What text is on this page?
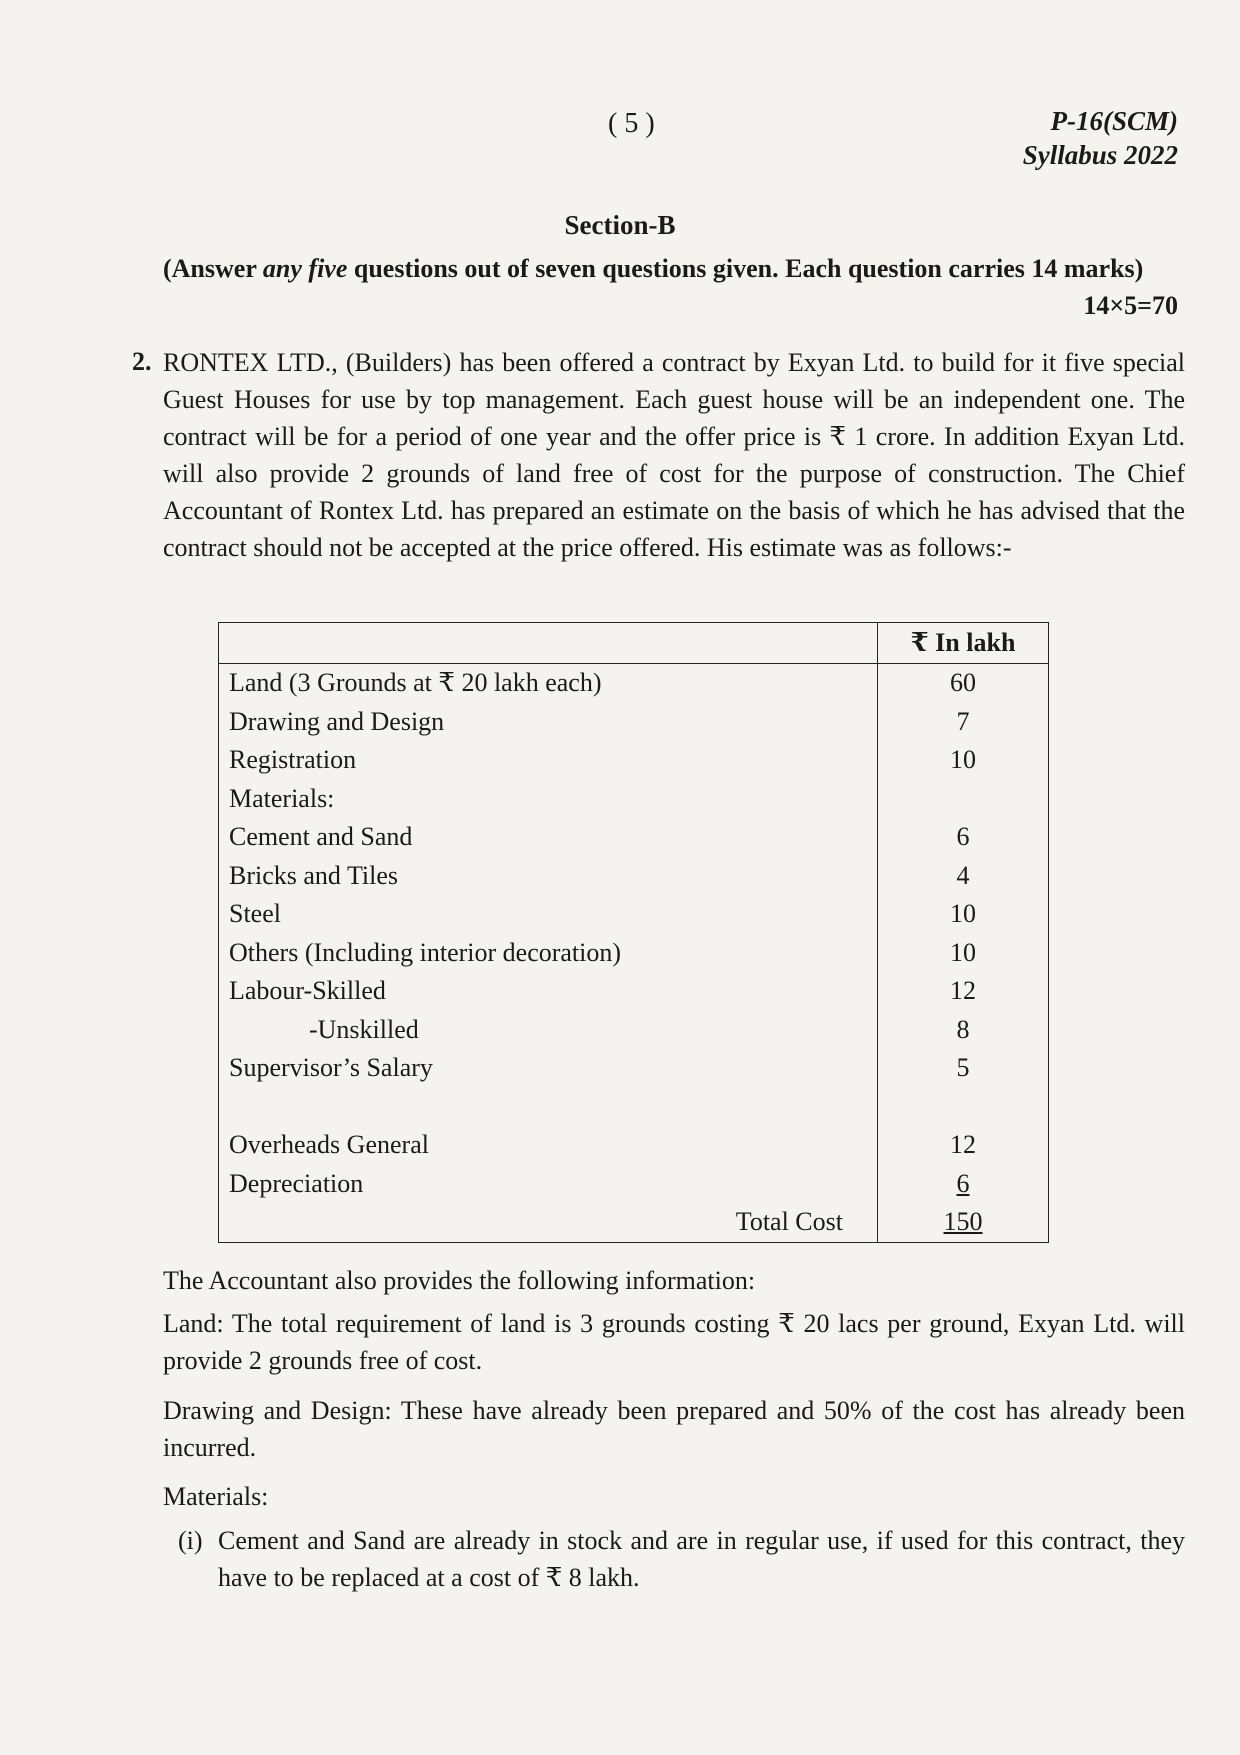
( 5 )	P-16(SCM)
Syllabus 2022
Section-B
(Answer any five questions out of seven questions given. Each question carries 14 marks)
14×5=70
2. RONTEX LTD., (Builders) has been offered a contract by Exyan Ltd. to build for it five special Guest Houses for use by top management. Each guest house will be an independent one. The contract will be for a period of one year and the offer price is ₹ 1 crore. In addition Exyan Ltd. will also provide 2 grounds of land free of cost for the purpose of construction. The Chief Accountant of Rontex Ltd. has prepared an estimate on the basis of which he has advised that the contract should not be accepted at the price offered. His estimate was as follows:-
	₹ In lakh
Land (3 Grounds at ₹ 20 lakh each)	60
Drawing and Design	7
Registration	10
Materials:	
Cement and Sand	6
Bricks and Tiles	4
Steel	10
Others (Including interior decoration)	10
Labour-Skilled	12
-Unskilled	8
Supervisor’s Salary	5

Overheads General	12
Depreciation	6
Total Cost	150
The Accountant also provides the following information:
Land: The total requirement of land is 3 grounds costing ₹ 20 lacs per ground, Exyan Ltd. will provide 2 grounds free of cost.
Drawing and Design: These have already been prepared and 50% of the cost has already been incurred.
Materials:
(i) Cement and Sand are already in stock and are in regular use, if used for this contract, they have to be replaced at a cost of ₹ 8 lakh.
